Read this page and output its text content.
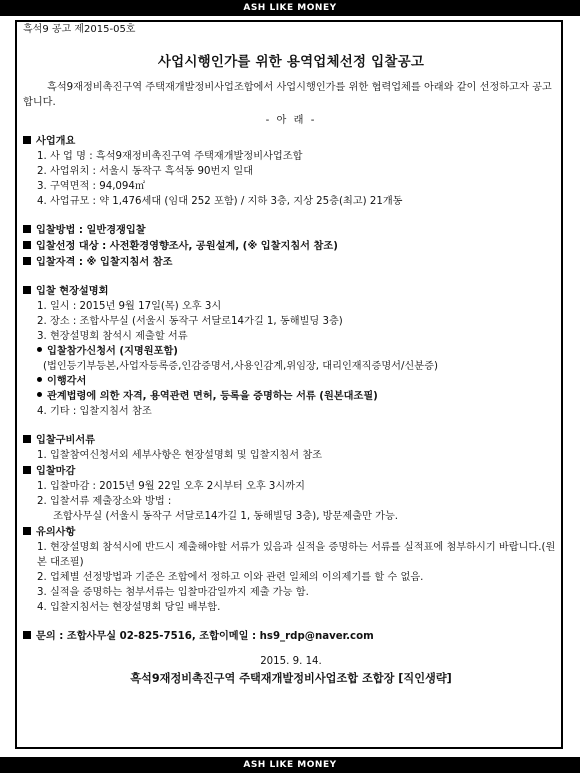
ASH LIKE MONEY
흑석9 공고 제2015-05호
사업시행인가를 위한 용역업체선정 입찰공고
흑석9재정비촉진구역 주택재개발정비사업조합에서 사업시행인가를 위한 협력업체를 아래와 같이 선정하고자 공고합니다.
- 아 래 -
사업개요
1. 사 업 명 : 흑석9재정비촉진구역 주택재개발정비사업조합
2. 사업위치 : 서울시 동작구 흑석동 90번지 일대
3. 구역면적 : 94,094㎡
4. 사업규모 : 약 1,476세대 (임대 252 포함) / 지하 3층, 지상 25층(최고) 21개동
입찰방법 : 일반경쟁입찰
입찰선정 대상 : 사전환경영향조사, 공원설계, (※ 입찰지침서 참조)
입찰자격 : ※ 입찰지침서 참조
입찰 현장설명회
1. 일시 : 2015년 9월 17일(목) 오후 3시
2. 장소 : 조합사무실 (서울시 동작구 서달로14가길 1, 동해빌딩 3층)
3. 현장설명회 참석시 제출할 서류
입찰참가신청서 (지명원포함)
(법인등기부등본,사업자등록증,인감증명서,사용인감계,위임장, 대리인재직증명서/신분증)
이행각서
관계법령에 의한 자격, 용역관련 면허, 등록을 증명하는 서류 (원본대조필)
4. 기타 : 입찰지침서 참조
입찰구비서류
1. 입찰참여신청서외 세부사항은 현장설명회 및 입찰지침서 참조
입찰마감
1. 입찰마감 : 2015년 9월 22일 오후 2시부터 오후 3시까지
2. 입찰서류 제출장소와 방법 :
조합사무실 (서울시 동작구 서달로14가길 1, 동해빌딩 3층), 방문제출만 가능.
유의사항
1. 현장설명회 참석시에 반드시 제출해야할 서류가 있음과 실적을 증명하는 서류를 실적표에 첨부하시기 바랍니다.(원본 대조필)
2. 업체별 선정방법과 기준은 조합에서 정하고 이와 관련 일체의 이의제기를 할 수 없음.
3. 실적을 증명하는 첨부서류는 입찰마감일까지 제출 가능 함.
4. 입찰지침서는 현장설명회 당일 배부함.
문의 : 조합사무실 02-825-7516, 조합이메일 : hs9_rdp@naver.com
2015. 9. 14.
흑석9재정비촉진구역 주택재개발정비사업조합 조합장 [직인생략]
ASH LIKE MONEY
